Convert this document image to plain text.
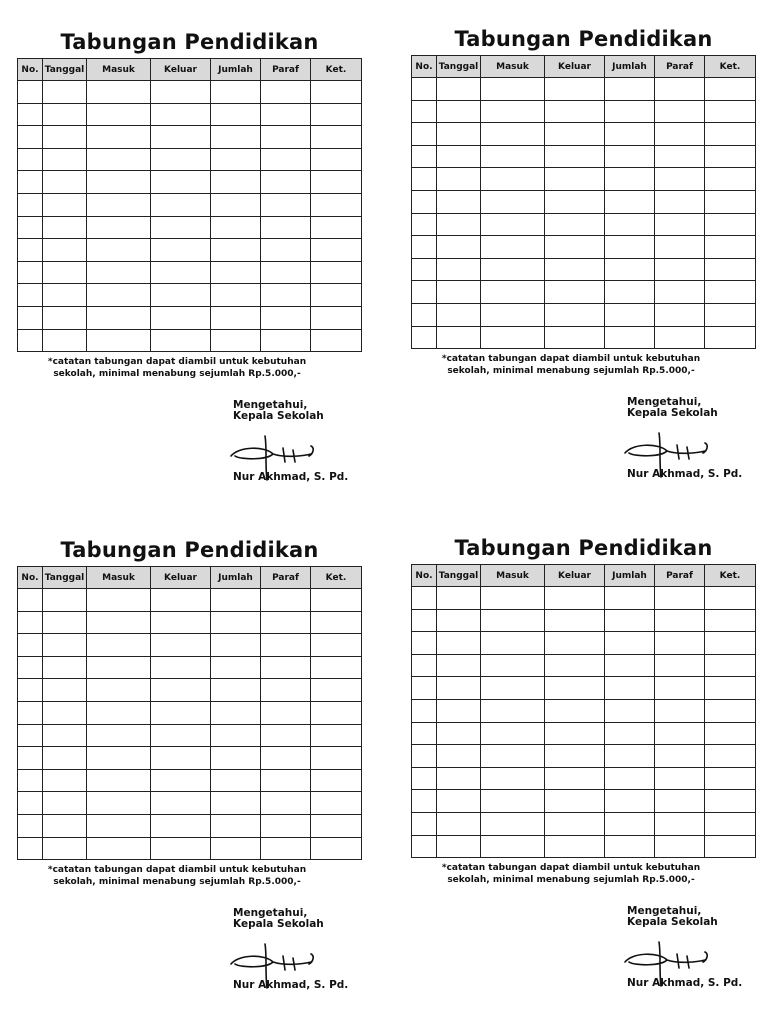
Tabungan Pendidikan
No.	Tanggal	Masuk	Keluar	Jumlah	Paraf	Ket.

*catatan tabungan dapat diambil untuk kebutuhan
sekolah, minimal menabung sejumlah Rp.5.000,-
Mengetahui,
Kepala Sekolah
Nur Akhmad, S. Pd.
Tabungan Pendidikan
No.	Tanggal	Masuk	Keluar	Jumlah	Paraf	Ket.

*catatan tabungan dapat diambil untuk kebutuhan
sekolah, minimal menabung sejumlah Rp.5.000,-
Mengetahui,
Kepala Sekolah
Nur Akhmad, S. Pd.
Tabungan Pendidikan
No.	Tanggal	Masuk	Keluar	Jumlah	Paraf	Ket.

*catatan tabungan dapat diambil untuk kebutuhan
sekolah, minimal menabung sejumlah Rp.5.000,-
Mengetahui,
Kepala Sekolah
Nur Akhmad, S. Pd.
Tabungan Pendidikan
No.	Tanggal	Masuk	Keluar	Jumlah	Paraf	Ket.

*catatan tabungan dapat diambil untuk kebutuhan
sekolah, minimal menabung sejumlah Rp.5.000,-
Mengetahui,
Kepala Sekolah
Nur Akhmad, S. Pd.
